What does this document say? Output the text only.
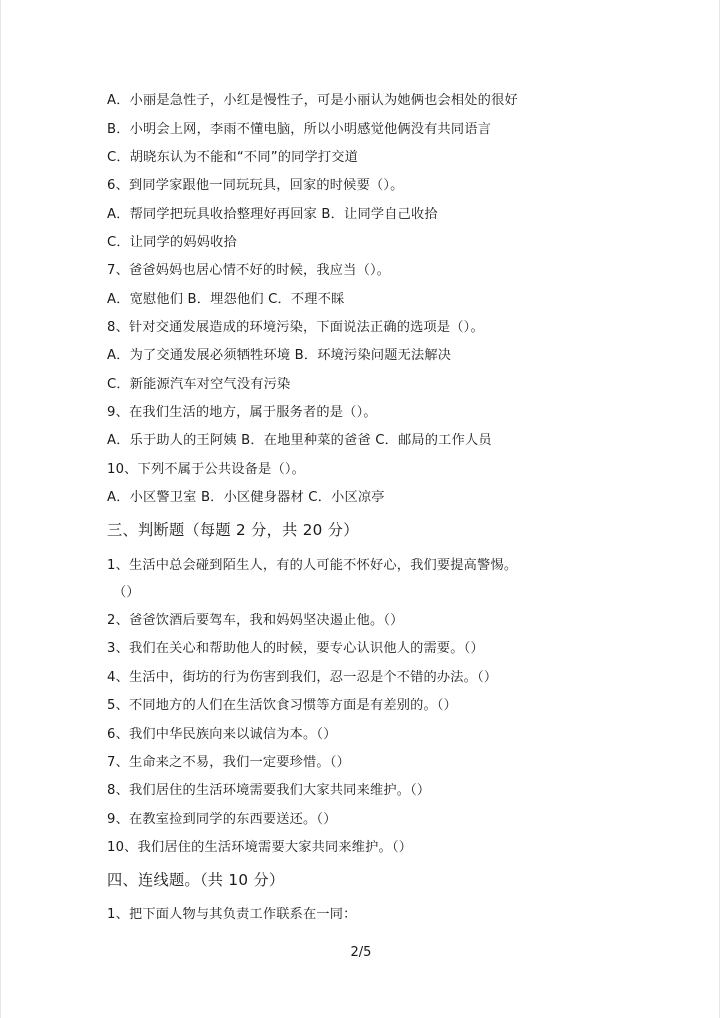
A．小丽是急性子，小红是慢性子，可是小丽认为她俩也会相处的很好
B．小明会上网，李雨不懂电脑，所以小明感觉他俩没有共同语言
C．胡晓东认为不能和“不同”的同学打交道
6、到同学家跟他一同玩玩具，回家的时候要（）。
A．帮同学把玩具收拾整理好再回家 B．让同学自己收拾
C．让同学的妈妈收拾
7、爸爸妈妈也居心情不好的时候，我应当（）。
A．宽慰他们 B．埋怨他们 C．不理不睬
8、针对交通发展造成的环境污染，下面说法正确的选项是（）。
A．为了交通发展必须牺牲环境 B．环境污染问题无法解决
C．新能源汽车对空气没有污染
9、在我们生活的地方，属于服务者的是（）。
A．乐于助人的王阿姨 B．在地里种菜的爸爸 C．邮局的工作人员
10、下列不属于公共设备是（）。
A．小区警卫室 B．小区健身器材 C．小区凉亭
三、判断题（每题 2 分，共 20 分）
1、生活中总会碰到陌生人，有的人可能不怀好心，我们要提高警惕。
（）
2、爸爸饮酒后要驾车，我和妈妈坚决遏止他。（）
3、我们在关心和帮助他人的时候，要专心认识他人的需要。（）
4、生活中，街坊的行为伤害到我们，忍一忍是个不错的办法。（）
5、不同地方的人们在生活饮食习惯等方面是有差别的。（）
6、我们中华民族向来以诚信为本。（）
7、生命来之不易，我们一定要珍惜。（）
8、我们居住的生活环境需要我们大家共同来维护。（）
9、在教室捡到同学的东西要送还。（）
10、我们居住的生活环境需要大家共同来维护。（）
四、连线题。（共 10 分）
1、把下面人物与其负责工作联系在一同：
2/5
